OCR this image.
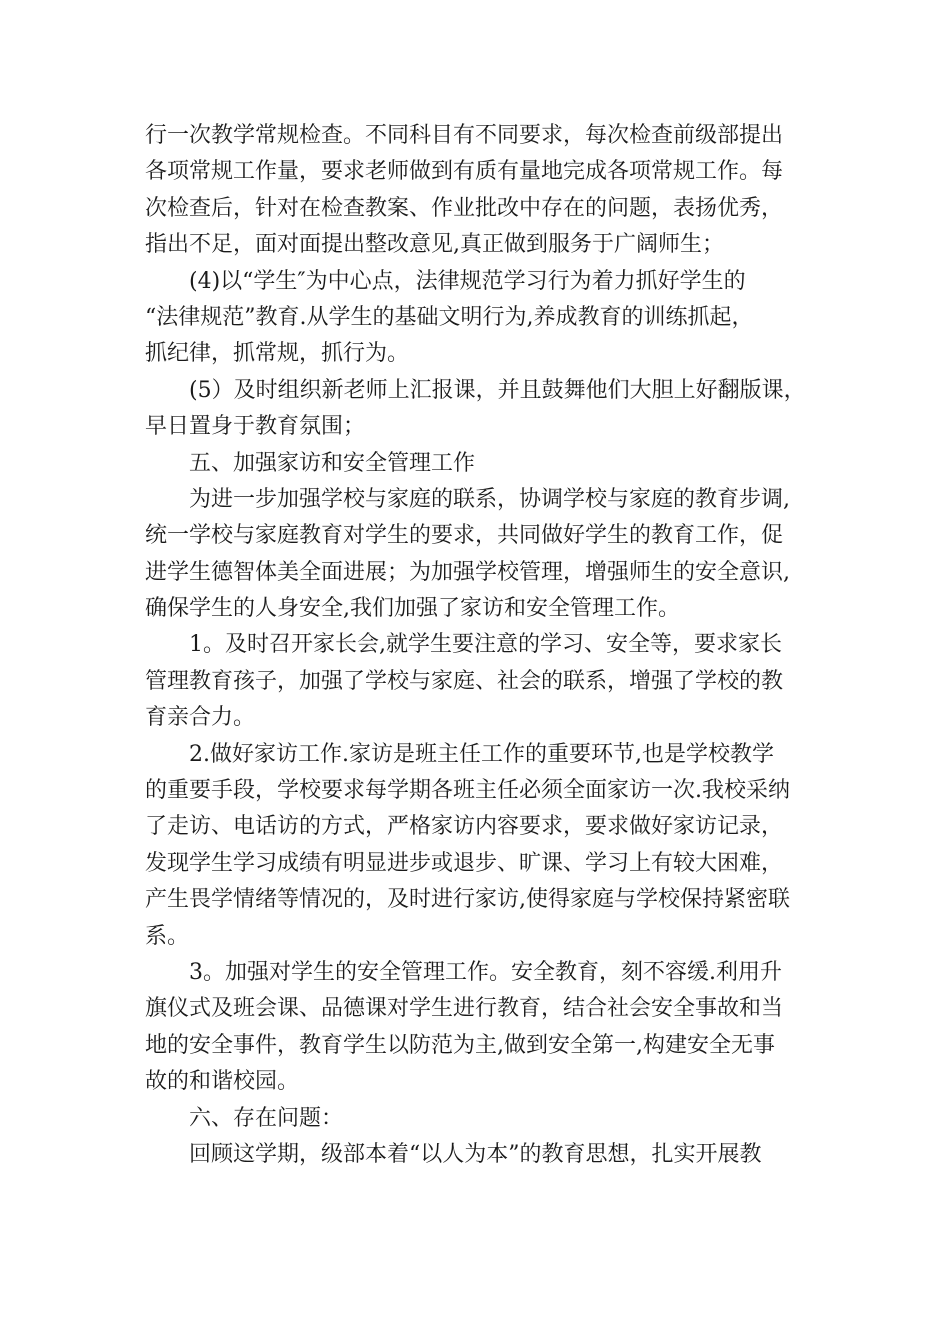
行一次教学常规检查。不同科目有不同要求，每次检查前级部提出
各项常规工作量，要求老师做到有质有量地完成各项常规工作。每
次检查后，针对在检查教案、作业批改中存在的问题，表扬优秀，
指出不足，面对面提出整改意见,真正做到服务于广阔师生；
(4)以“学生″为中心点，法律规范学习行为着力抓好学生的
“法律规范”教育.从学生的基础文明行为,养成教育的训练抓起，
抓纪律，抓常规，抓行为。
(5）及时组织新老师上汇报课，并且鼓舞他们大胆上好翻版课，
早日置身于教育氛围；
五、加强家访和安全管理工作
为进一步加强学校与家庭的联系，协调学校与家庭的教育步调,
统一学校与家庭教育对学生的要求，共同做好学生的教育工作，促
进学生德智体美全面进展；为加强学校管理，增强师生的安全意识,
确保学生的人身安全,我们加强了家访和安全管理工作。
1。及时召开家长会,就学生要注意的学习、安全等，要求家长
管理教育孩子，加强了学校与家庭、社会的联系，增强了学校的教
育亲合力。
2.做好家访工作.家访是班主任工作的重要环节,也是学校教学
的重要手段，学校要求每学期各班主任必须全面家访一次.我校采纳
了走访、电话访的方式，严格家访内容要求，要求做好家访记录，
发现学生学习成绩有明显进步或退步、旷课、学习上有较大困难，
产生畏学情绪等情况的，及时进行家访,使得家庭与学校保持紧密联
系。
3。加强对学生的安全管理工作。安全教育，刻不容缓.利用升
旗仪式及班会课、品德课对学生进行教育，结合社会安全事故和当
地的安全事件，教育学生以防范为主,做到安全第一,构建安全无事
故的和谐校园。
六、存在问题：
回顾这学期，级部本着“以人为本”的教育思想，扎实开展教
